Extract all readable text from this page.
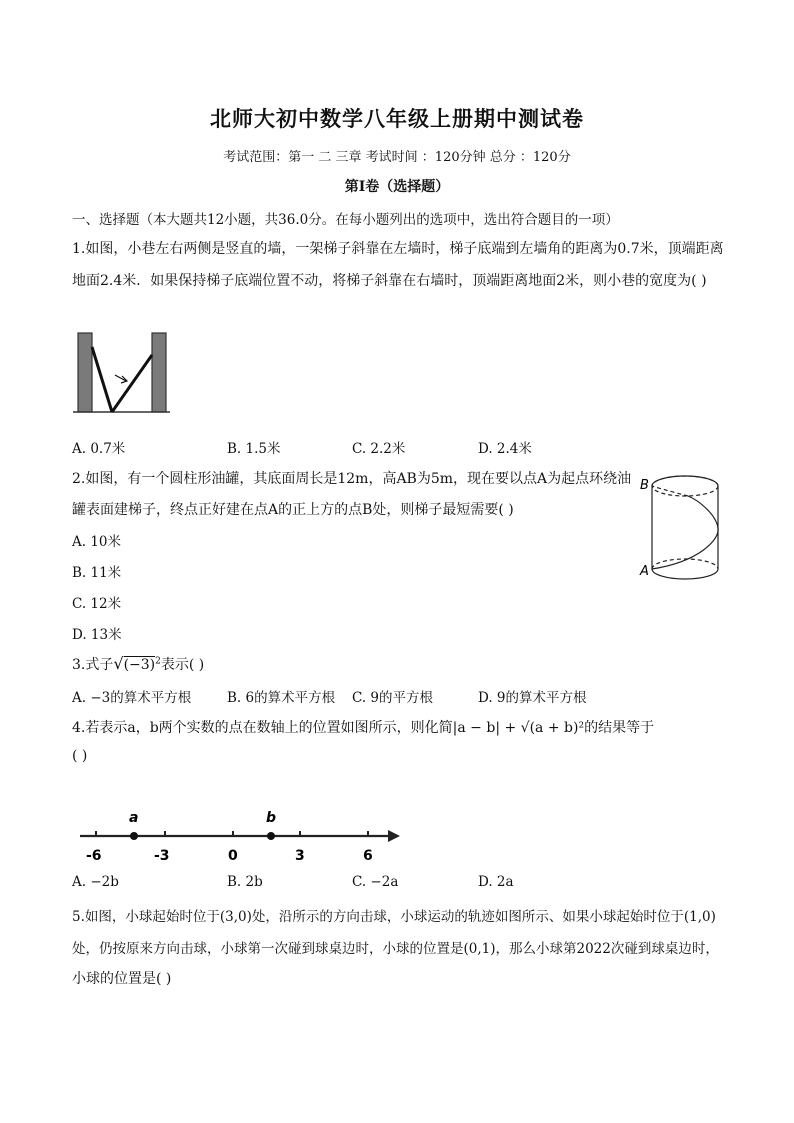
北师大初中数学八年级上册期中测试卷
考试范围：第一 二 三章 考试时间 ：120分钟 总分 ：120分
第I卷（选择题）
一、选择题（本大题共12小题，共36.0分。在每小题列出的选项中，选出符合题目的一项）
1.如图，小巷左右两侧是竖直的墙，一架梯子斜靠在左墙时，梯子底端到左墙角的距离为0.7米，顶端距离
地面2.4米．如果保持梯子底端位置不动，将梯子斜靠在右墙时，顶端距离地面2米，则小巷的宽度为( )
A. 0.7米	B. 1.5米	C. 2.2米	D. 2.4米
2.如图，有一个圆柱形油罐，其底面周长是12m，高AB为5m，现在要以点A为起点环绕油
罐表面建梯子，终点正好建在点A的正上方的点B处，则梯子最短需要( )
A. 10米
B. 11米
C. 12米
D. 13米
B
A
3.式子$√(-3)^2$表示( )
A. −3的算术平方根	B. 6的算术平方根 C. 9的平方根	D. 9的算术平方根
4.若表示a，b两个实数的点在数轴上的位置如图所示，则化简|a − b| + √(a + b)²的结果等于
( )
a	b
-6	-3	0	3	6
A. −2b	B. 2b	C. −2a	D. 2a
5.如图，小球起始时位于(3,0)处，沿所示的方向击球，小球运动的轨迹如图所示、如果小球起始时位于(1,0)
处，仍按原来方向击球，小球第一次碰到球桌边时，小球的位置是(0,1)，那么小球第2022次碰到球桌边时，
小球的位置是( )
